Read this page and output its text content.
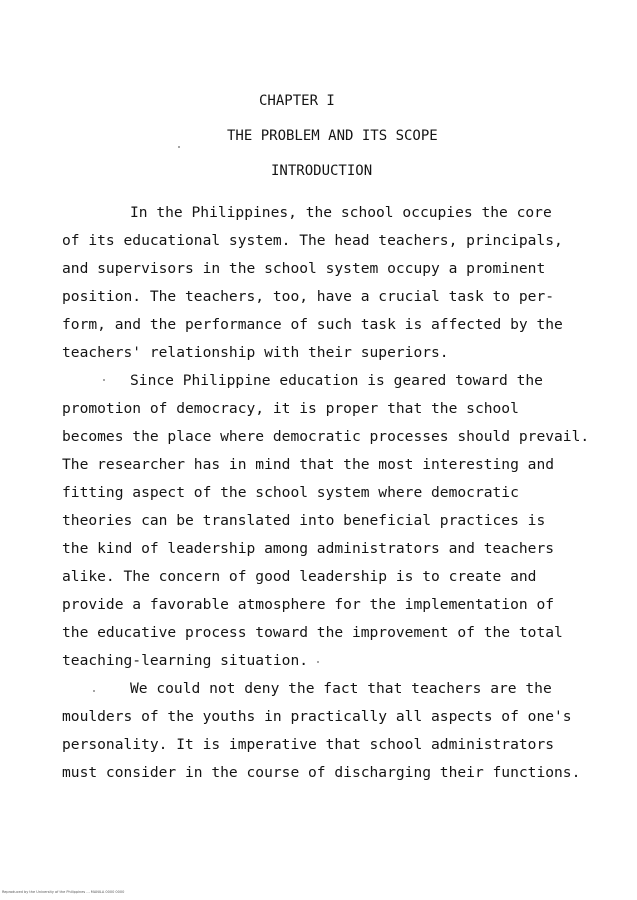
CHAPTER I
THE PROBLEM AND ITS SCOPE
INTRODUCTION
In the Philippines, the school occupies the core
of its educational system. The head teachers, principals,
and supervisors in the school system occupy a prominent
position. The teachers, too, have a crucial task to per-
form, and the performance of such task is affected by the
teachers' relationship with their superiors.
Since Philippine education is geared toward the
promotion of democracy, it is proper that the school
becomes the place where democratic processes should prevail.
The researcher has in mind that the most interesting and
fitting aspect of the school system where democratic
theories can be translated into beneficial practices is
the kind of leadership among administrators and teachers
alike. The concern of good leadership is to create and
provide a favorable atmosphere for the implementation of
the educative process toward the improvement of the total
teaching-learning situation.
We could not deny the fact that teachers are the
moulders of the youths in practically all aspects of one's
personality. It is imperative that school administrators
must consider in the course of discharging their functions.
Reproduced by the University of the Philippines ... MANILA 0000 0000
